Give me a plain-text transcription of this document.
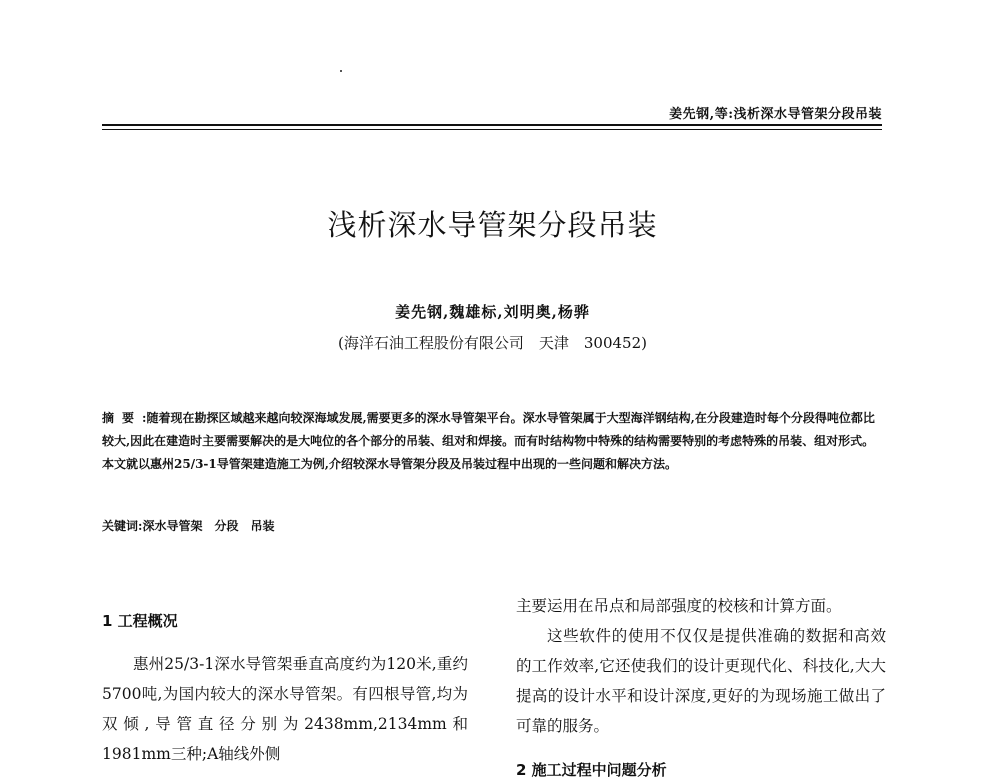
姜先钢,等:浅析深水导管架分段吊装
浅析深水导管架分段吊装
姜先钢,魏雄标,刘明奥,杨骅
(海洋石油工程股份有限公司　天津　300452)
摘要:随着现在勘探区域越来越向较深海域发展,需要更多的深水导管架平台。深水导管架属于大型海洋钢结构,在分段建造时每个分段得吨位都比较大,因此在建造时主要需要解决的是大吨位的各个部分的吊装、组对和焊接。而有时结构物中特殊的结构需要特别的考虑特殊的吊装、组对形式。本文就以惠州25/3-1导管架建造施工为例,介绍较深水导管架分段及吊装过程中出现的一些问题和解决方法。
关键词:深水导管架　分段　吊装
1 工程概况

惠州25/3-1深水导管架垂直高度约为120米,重约5700吨,为国内较大的深水导管架。有四根导管,均为双倾,导管直径分别为2438mm,2134mm和1981mm三种;A轴线外侧

主要运用在吊点和局部强度的校核和计算方面。

这些软件的使用不仅仅是提供准确的数据和高效的工作效率,它还使我们的设计更现代化、科技化,大大提高的设计水平和设计深度,更好的为现场施工做出了可靠的服务。

2 施工过程中问题分析
